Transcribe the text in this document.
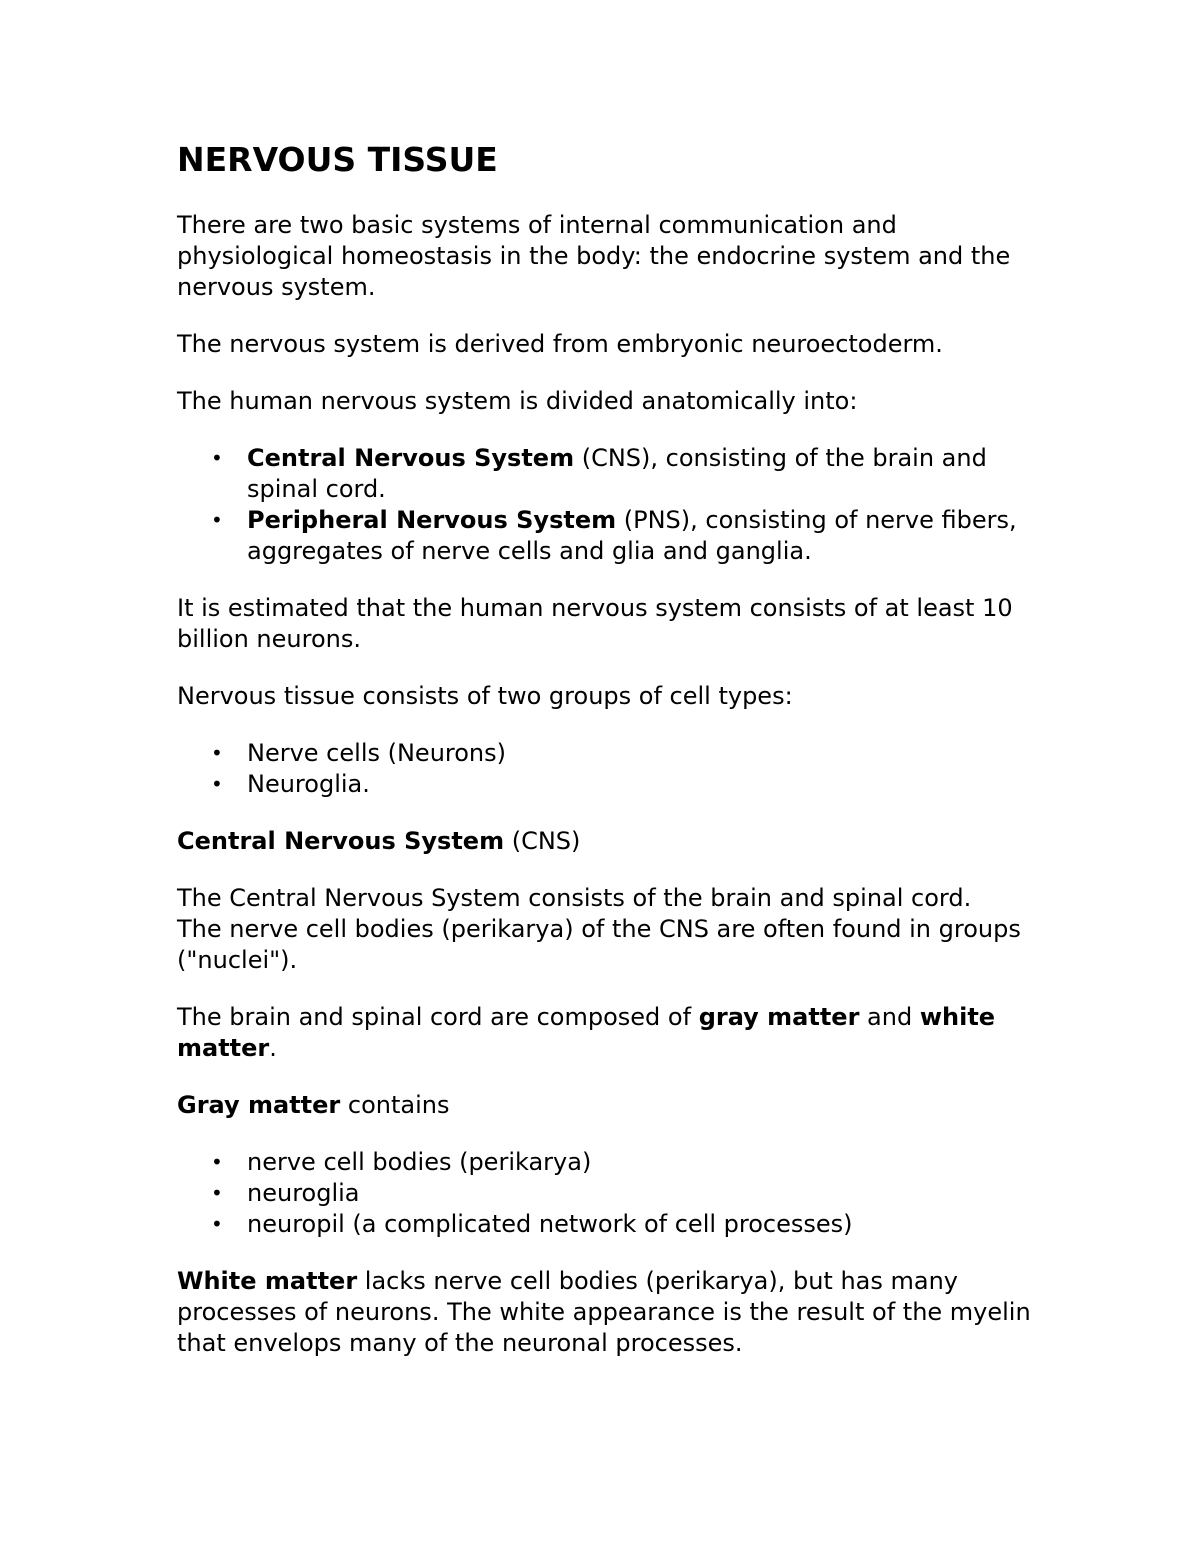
NERVOUS TISSUE

There are two basic systems of internal communication and physiological homeostasis in the body: the endocrine system and the nervous system.

The nervous system is derived from embryonic neuroectoderm.

The human nervous system is divided anatomically into:

• Central Nervous System (CNS), consisting of the brain and spinal cord.
• Peripheral Nervous System (PNS), consisting of nerve fibers, aggregates of nerve cells and glia and ganglia.

It is estimated that the human nervous system consists of at least 10 billion neurons.

Nervous tissue consists of two groups of cell types:

• Nerve cells (Neurons)
• Neuroglia.

Central Nervous System (CNS)

The Central Nervous System consists of the brain and spinal cord.

The nerve cell bodies (perikarya) of the CNS are often found in groups ("nuclei").

The brain and spinal cord are composed of gray matter and white matter.

Gray matter contains

• nerve cell bodies (perikarya)
• neuroglia
• neuropil (a complicated network of cell processes)

White matter lacks nerve cell bodies (perikarya), but has many processes of neurons. The white appearance is the result of the myelin that envelops many of the neuronal processes.
